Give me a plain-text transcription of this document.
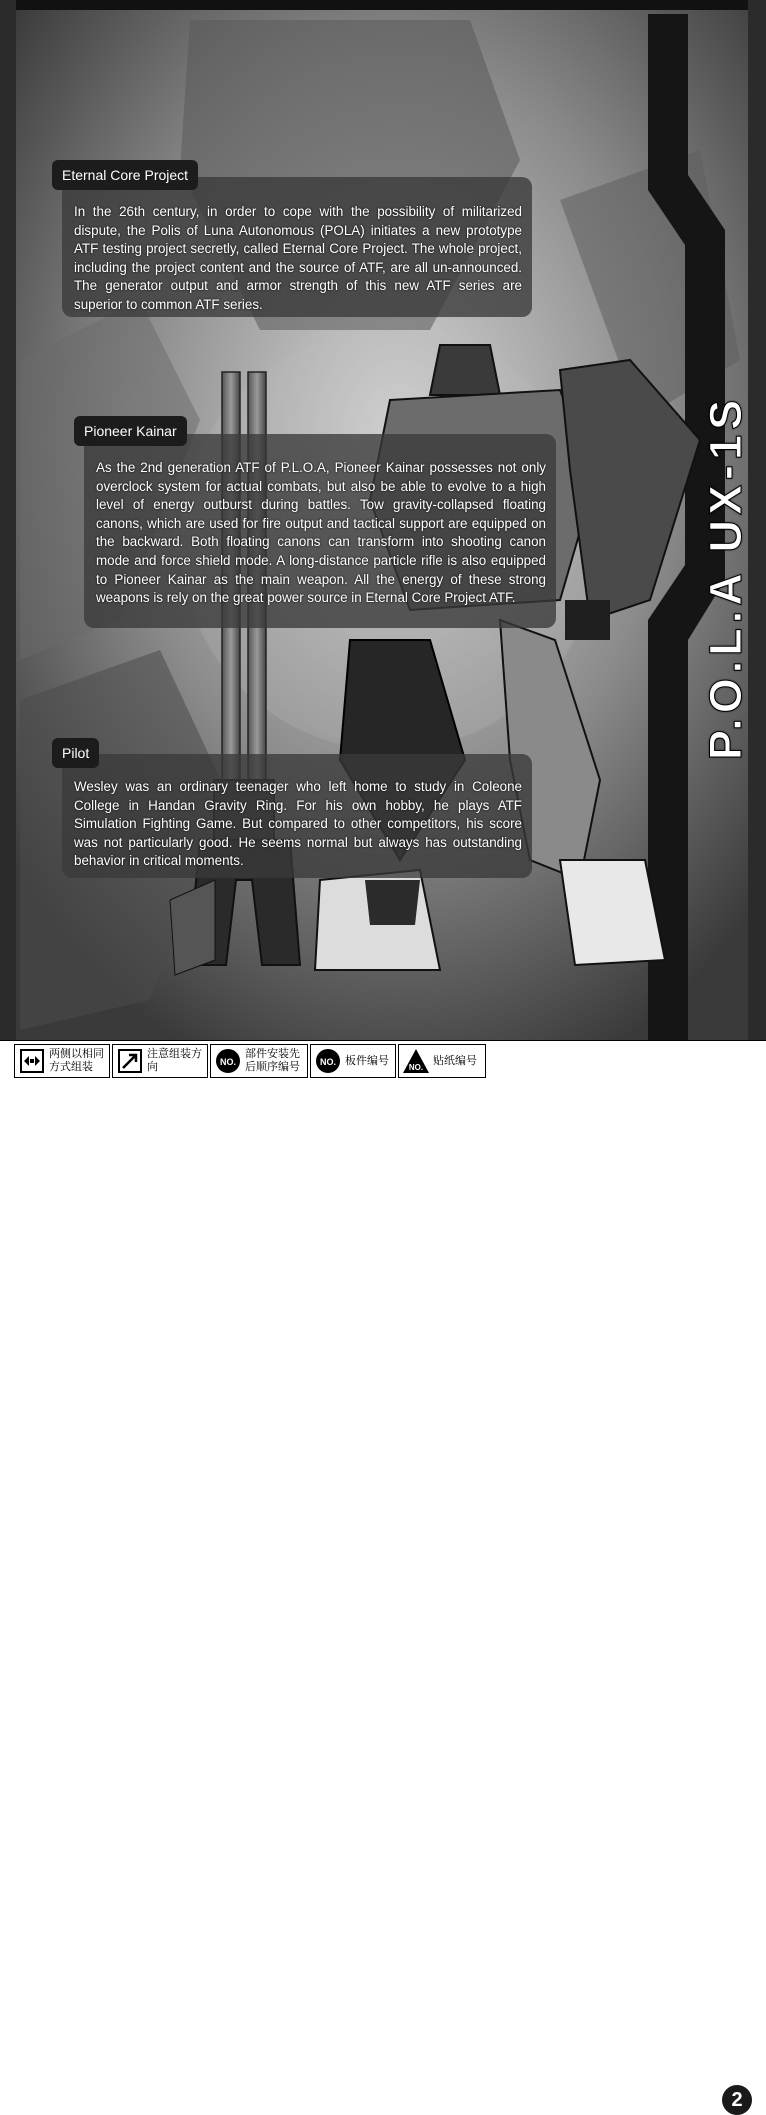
Eternal Core Project
In the 26th century, in order to cope with the possibility of militarized dispute, the Polis of Luna Autonomous (POLA) initiates a new prototype ATF testing project secretly, called Eternal Core Project. The whole project, including the project content and the source of ATF, are all un-announced. The generator output and armor strength of this new ATF series are superior to common ATF series.
Pioneer Kainar
As the 2nd generation ATF of P.L.O.A, Pioneer Kainar possesses not only overclock system for actual combats, but also be able to evolve to a high level of energy outburst during battles. Tow gravity-collapsed floating canons, which are used for fire output and tactical support are equipped on the backward. Both floating canons can transform into shooting canon mode and force shield mode. A long-distance particle rifle is also equipped to Pioneer Kainar as the main weapon. All the energy of these strong weapons is rely on the great power source in Eternal Core Project ATF.
Pilot
Wesley was an ordinary teenager who left home to study in Coleone College in Handan Gravity Ring. For his own hobby, he plays ATF Simulation Fighting Game. But compared to other competitors, his score was not particularly good. He seems normal but always has outstanding behavior in critical moments.
P.O.L.A UX-1S
两侧以相同
方式组装
注意组装方
向	NO.
部件安装先
后顺序编号 NO. 板件编号
NO.
贴纸编号
2
